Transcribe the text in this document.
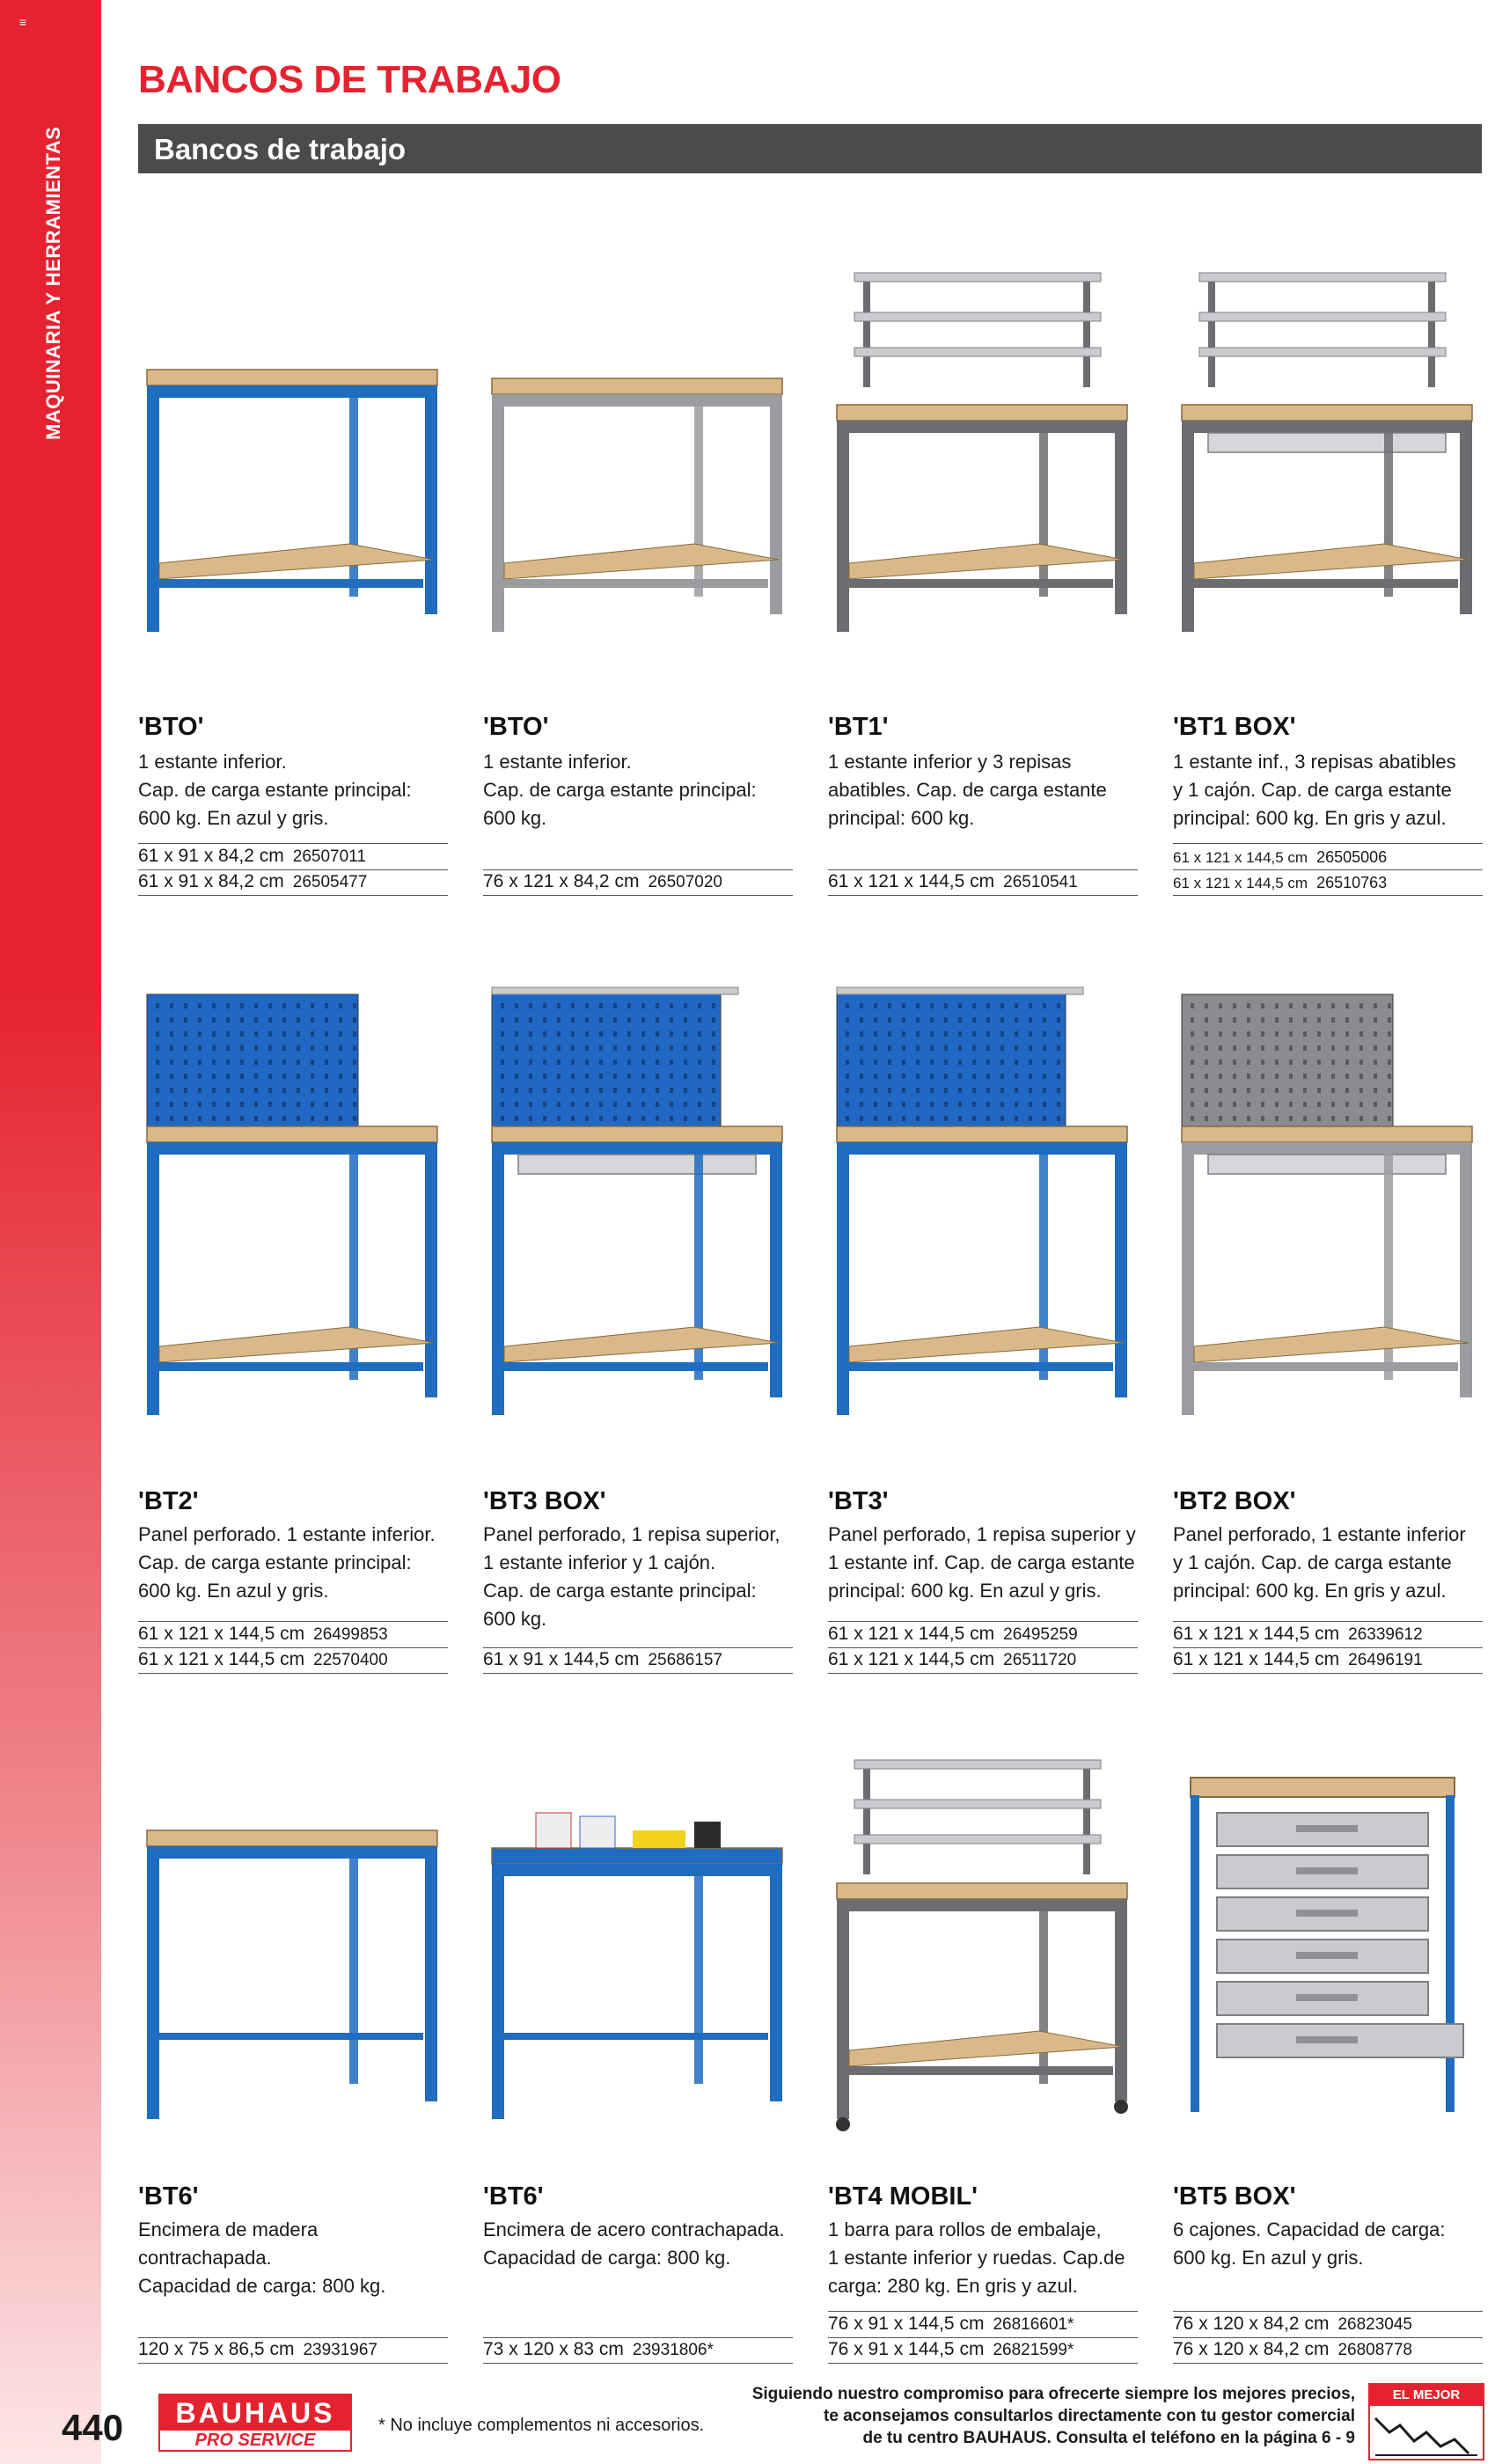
≡
MAQUINARIA Y HERRAMIENTAS
BANCOS DE TRABAJO
Bancos de trabajo
'BTO'
1 estante inferior.
Cap. de carga estante principal:
600 kg. En azul y gris.
61 x 91 x 84,2 cm 26507011
61 x 91 x 84,2 cm 26505477
'BTO'
1 estante inferior.
Cap. de carga estante principal:
600 kg.
76 x 121 x 84,2 cm 26507020
'BT1'
1 estante inferior y 3 repisas
abatibles. Cap. de carga estante
principal: 600 kg.
61 x 121 x 144,5 cm 26510541
'BT1 BOX'
1 estante inf., 3 repisas abatibles
y 1 cajón. Cap. de carga estante
principal: 600 kg. En gris y azul.
61 x 121 x 144,5 cm 26505006
61 x 121 x 144,5 cm 26510763
'BT2'
Panel perforado. 1 estante inferior.
Cap. de carga estante principal:
600 kg. En azul y gris.
61 x 121 x 144,5 cm 26499853
61 x 121 x 144,5 cm 22570400
'BT3 BOX'
Panel perforado, 1 repisa superior,
1 estante inferior y 1 cajón.
Cap. de carga estante principal:
600 kg.
61 x 91 x 144,5 cm 25686157
'BT3'
Panel perforado, 1 repisa superior y
1 estante inf. Cap. de carga estante
principal: 600 kg. En azul y gris.
61 x 121 x 144,5 cm 26495259
61 x 121 x 144,5 cm 26511720
'BT2 BOX'
Panel perforado, 1 estante inferior
y 1 cajón. Cap. de carga estante
principal: 600 kg. En gris y azul.
61 x 121 x 144,5 cm 26339612
61 x 121 x 144,5 cm 26496191
'BT6'
Encimera de madera
contrachapada.
Capacidad de carga: 800 kg.
120 x 75 x 86,5 cm 23931967
'BT6'
Encimera de acero contrachapada.
Capacidad de carga: 800 kg.
73 x 120 x 83 cm 23931806*
'BT4 MOBIL'
1 barra para rollos de embalaje,
1 estante inferior y ruedas. Cap.de
carga: 280 kg. En gris y azul.
76 x 91 x 144,5 cm 26816601*
76 x 91 x 144,5 cm 26821599*
'BT5 BOX'
6 cajones. Capacidad de carga:
600 kg. En azul y gris.
76 x 120 x 84,2 cm 26823045
76 x 120 x 84,2 cm 26808778
440	BAUHAUS
PRO SERVICE
* No incluye complementos ni accesorios.
Siguiendo nuestro compromiso para ofrecerte siempre los mejores precios,
te aconsejamos consultarlos directamente con tu gestor comercial
de tu centro BAUHAUS. Consulta el teléfono en la página 6 - 9
EL MEJOR PRECIO
